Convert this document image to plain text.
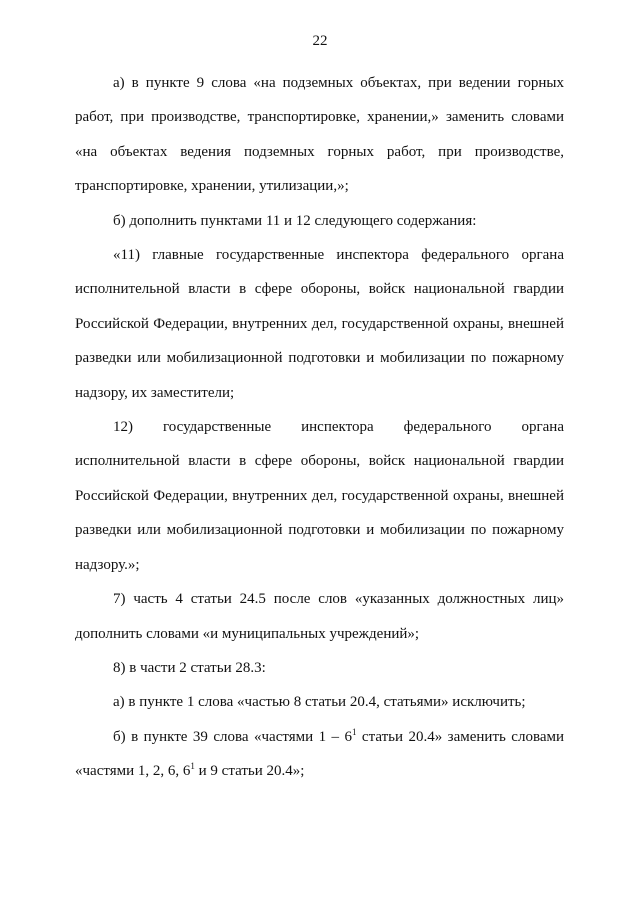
22

а) в пункте 9 слова «на подземных объектах, при ведении горных работ, при производстве, транспортировке, хранении,» заменить словами «на объектах ведения подземных горных работ, при производстве, транспортировке, хранении, утилизации,»;

б) дополнить пунктами 11 и 12 следующего содержания:

«11) главные государственные инспектора федерального органа исполнительной власти в сфере обороны, войск национальной гвардии Российской Федерации, внутренних дел, государственной охраны, внешней разведки или мобилизационной подготовки и мобилизации по пожарному надзору, их заместители;

12) государственные инспектора федерального органа исполнительной власти в сфере обороны, войск национальной гвардии Российской Федерации, внутренних дел, государственной охраны, внешней разведки или мобилизационной подготовки и мобилизации по пожарному надзору.»;

7) часть 4 статьи 24.5 после слов «указанных должностных лиц» дополнить словами «и муниципальных учреждений»;

8) в части 2 статьи 28.3:

а) в пункте 1 слова «частью 8 статьи 20.4, статьями» исключить;

б) в пункте 39 слова «частями $1 - 6^1$ статьи 20.4» заменить словами «частями 1, 2, 6, $6^1$ и 9 статьи 20.4»;
